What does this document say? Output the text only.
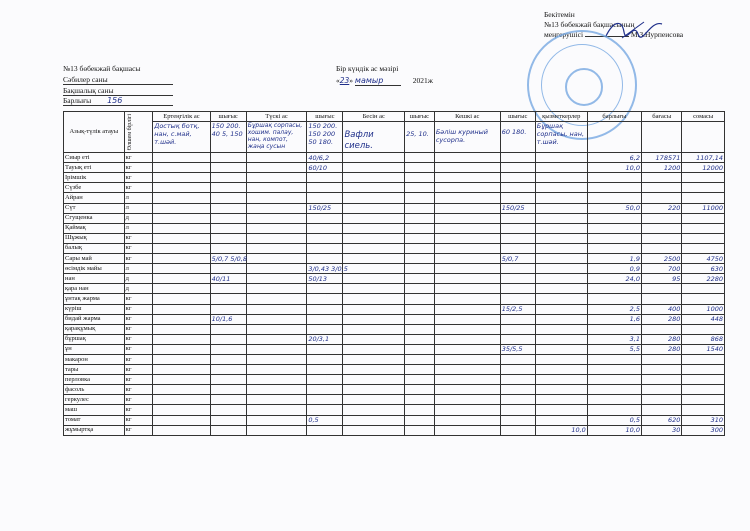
Бекітемін
№13 бөбекжай бақшасының
меңгерушісі	М.З.Нурпеисова
№13 бөбекжай бақшасы
Сәбилер саны
Бақшалық саны
Барлығы 156
Бір күндік ас мәзірі
«23» мамыр	2021ж
Азық-түлік атауы	Өлшем бірлігі	Ертеңгілік ас	шығыс	Түскі ас	шығыс	Бесін ас	шығыс	Кешкі ас	шығыс	қызметкерлер	барлығы	бағасы	сомасы
		Достық ботқ, нан, с.май, т.шәй.	150 200. 40 5, 150	Бұршақ сорпасы, хошим. палау, нан, компот, жаңа сусын	150 200. 150 200 50 180.	Вафли сиель.	25, 10.	Бәліш куриный сусорпа.	60 180.	Бұршақ сорпасы, нан, т.шәй.			
Сиыр еті	кг				40/6,2						6,2	178571	1107,14
Тауық еті	кг				60/10						10,0	1200	12000
Ірімшік	кг												
Сүзбе	кг												
Айран	л												
Сүт	л				150/25				150/25		50,0	220	11000
Сгущенка	д												
Қаймақ	л												
Шұжық	кг												
балық	кг												
Сары май	кг		5/0,7 5/0,8						5/0,7		1,9	2500	4750
өсімдік майы	л				3/0,43 3/0,5						0,9	700	630
нан	д		40/11		50/13						24,0	95	2280
қара нан	д												
ұнтақ жарма	кг												
күріш	кг								15/2,5		2,5	400	1000
бидай жарма	кг		10/1,6								1,6	280	448
қарақұмық	кг												
бұршақ	кг				20/3,1						3,1	280	868
ұн	кг								35/5,5		5,5	280	1540
макарон	кг												
тары	кг												
перловка	кг												
фасоль	кг												
геркулес	кг												
маш	кг												
томат	кг				0,5						0,5	620	310
жұмыртқа	кг									10,0	10,0	30	300
